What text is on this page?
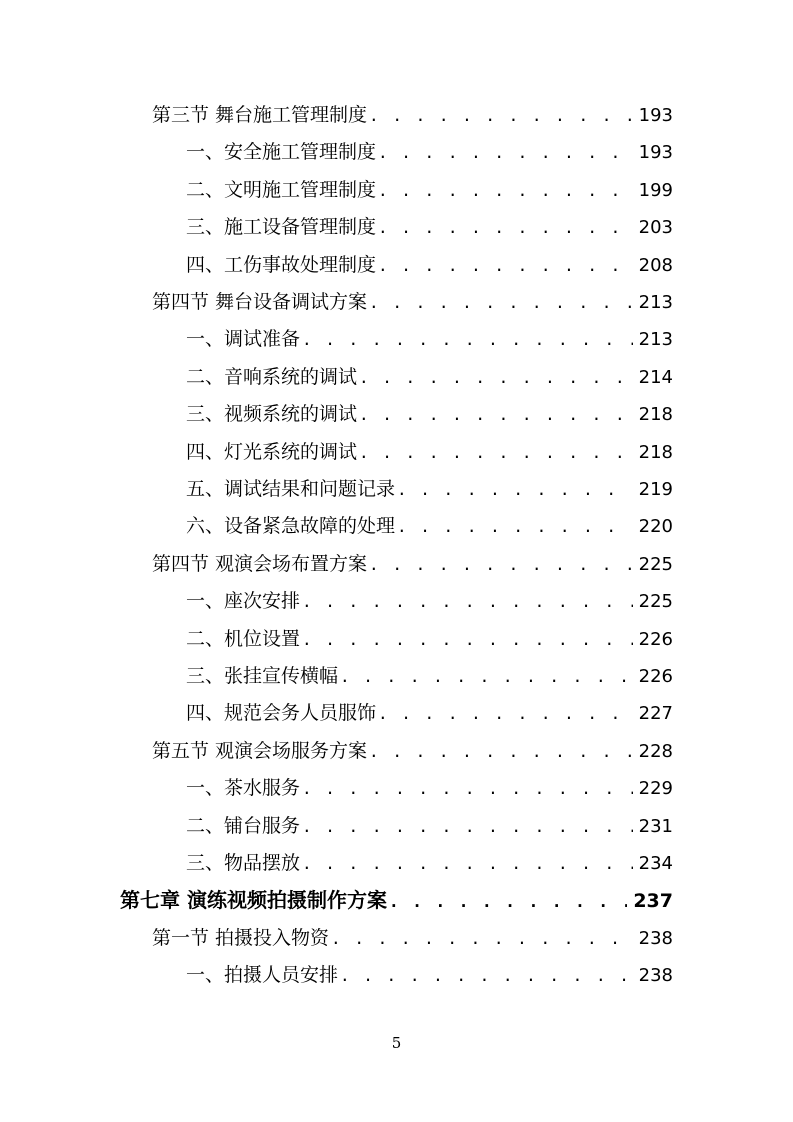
第三节 舞台施工管理制度 . . .	193
一、安全施工管理制度 . . .	193
二、文明施工管理制度 . . .	199
三、施工设备管理制度 . . .	203
四、工伤事故处理制度 . . .	208
第四节 舞台设备调试方案 . . .	213
一、调试准备 . . .	213
二、音响系统的调试 . . .	214
三、视频系统的调试 . . .	218
四、灯光系统的调试 . . .	218
五、调试结果和问题记录 . . .	219
六、设备紧急故障的处理 . . .	220
第四节 观演会场布置方案 . . .	225
一、座次安排 . . .	225
二、机位设置 . . .	226
三、张挂宣传横幅 . . .	226
四、规范会务人员服饰 . . .	227
第五节 观演会场服务方案 . . .	228
一、茶水服务 . . .	229
二、铺台服务 . . .	231
三、物品摆放 . . .	234
第七章 演练视频拍摄制作方案 . . .	237
第一节 拍摄投入物资 . . .	238
一、拍摄人员安排 . . .	238
5
